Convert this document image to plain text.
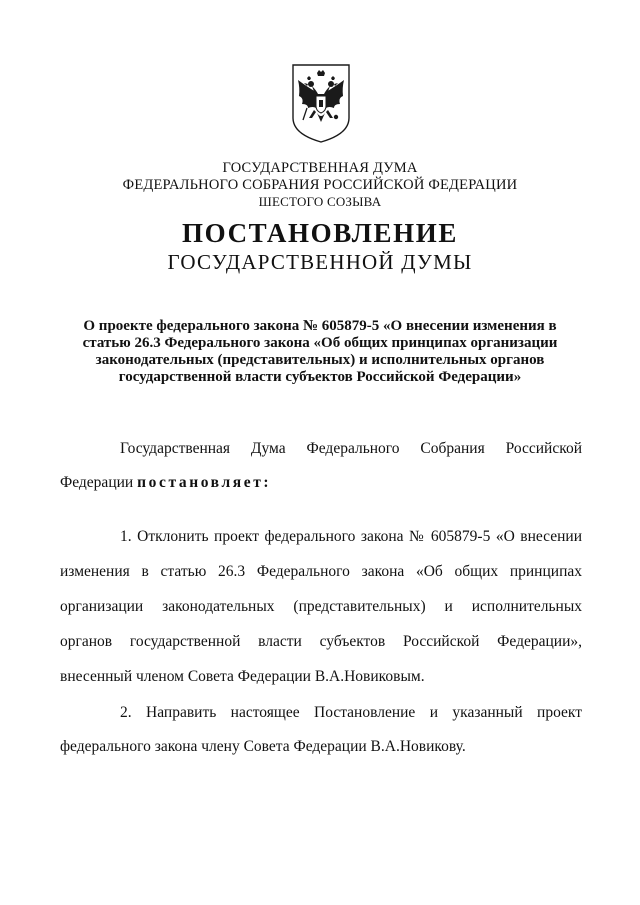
ГОСУДАРСТВЕННАЯ ДУМА
ФЕДЕРАЛЬНОГО СОБРАНИЯ РОССИЙСКОЙ ФЕДЕРАЦИИ
ШЕСТОГО СОЗЫВА
ПОСТАНОВЛЕНИЕ
ГОСУДАРСТВЕННОЙ ДУМЫ
О проекте федерального закона № 605879-5 «О внесении изменения в
статью 26.3 Федерального закона «Об общих принципах организации
законодательных (представительных) и исполнительных органов
государственной власти субъектов Российской Федерации»
Государственная Дума Федерального Собрания Российской
Федерации постановляет:
1. Отклонить проект федерального закона № 605879-5 «О внесении
изменения в статью 26.3 Федерального закона «Об общих принципах
организации законодательных (представительных) и исполнительных
органов государственной власти субъектов Российской Федерации»,
внесенный членом Совета Федерации В.А.Новиковым.
2. Направить настоящее Постановление и указанный проект
федерального закона члену Совета Федерации В.А.Новикову.
